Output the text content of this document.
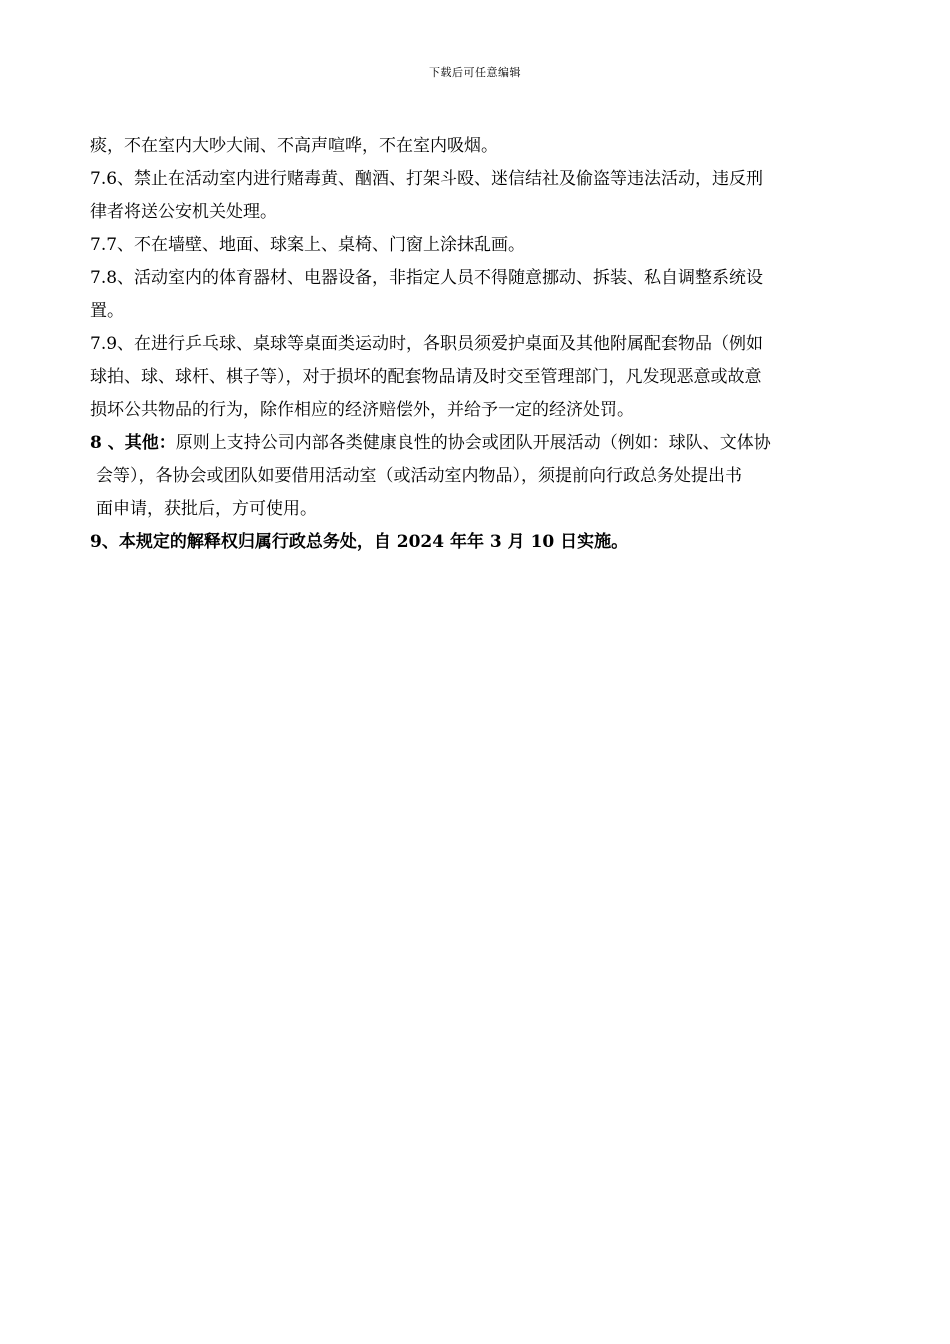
下载后可任意编辑

痰，不在室内大吵大闹、不高声喧哗，不在室内吸烟。

7.6、禁止在活动室内进行赌毒黄、酗酒、打架斗殴、迷信结社及偷盗等违法活动，违反刑

律者将送公安机关处理。

7.7、不在墙壁、地面、球案上、桌椅、门窗上涂抹乱画。

7.8、活动室内的体育器材、电器设备，非指定人员不得随意挪动、拆装、私自调整系统设

置。

7.9、在进行乒乓球、桌球等桌面类运动时，各职员须爱护桌面及其他附属配套物品（例如

球拍、球、球杆、棋子等），对于损坏的配套物品请及时交至管理部门，凡发现恶意或故意

损坏公共物品的行为，除作相应的经济赔偿外，并给予一定的经济处罚。

8 、其他：原则上支持公司内部各类健康良性的协会或团队开展活动（例如：球队、文体协

会等），各协会或团队如要借用活动室（或活动室内物品），须提前向行政总务处提出书

面申请，获批后，方可使用。

9、本规定的解释权归属行政总务处，自 2024 年年 3 月 10 日实施。
